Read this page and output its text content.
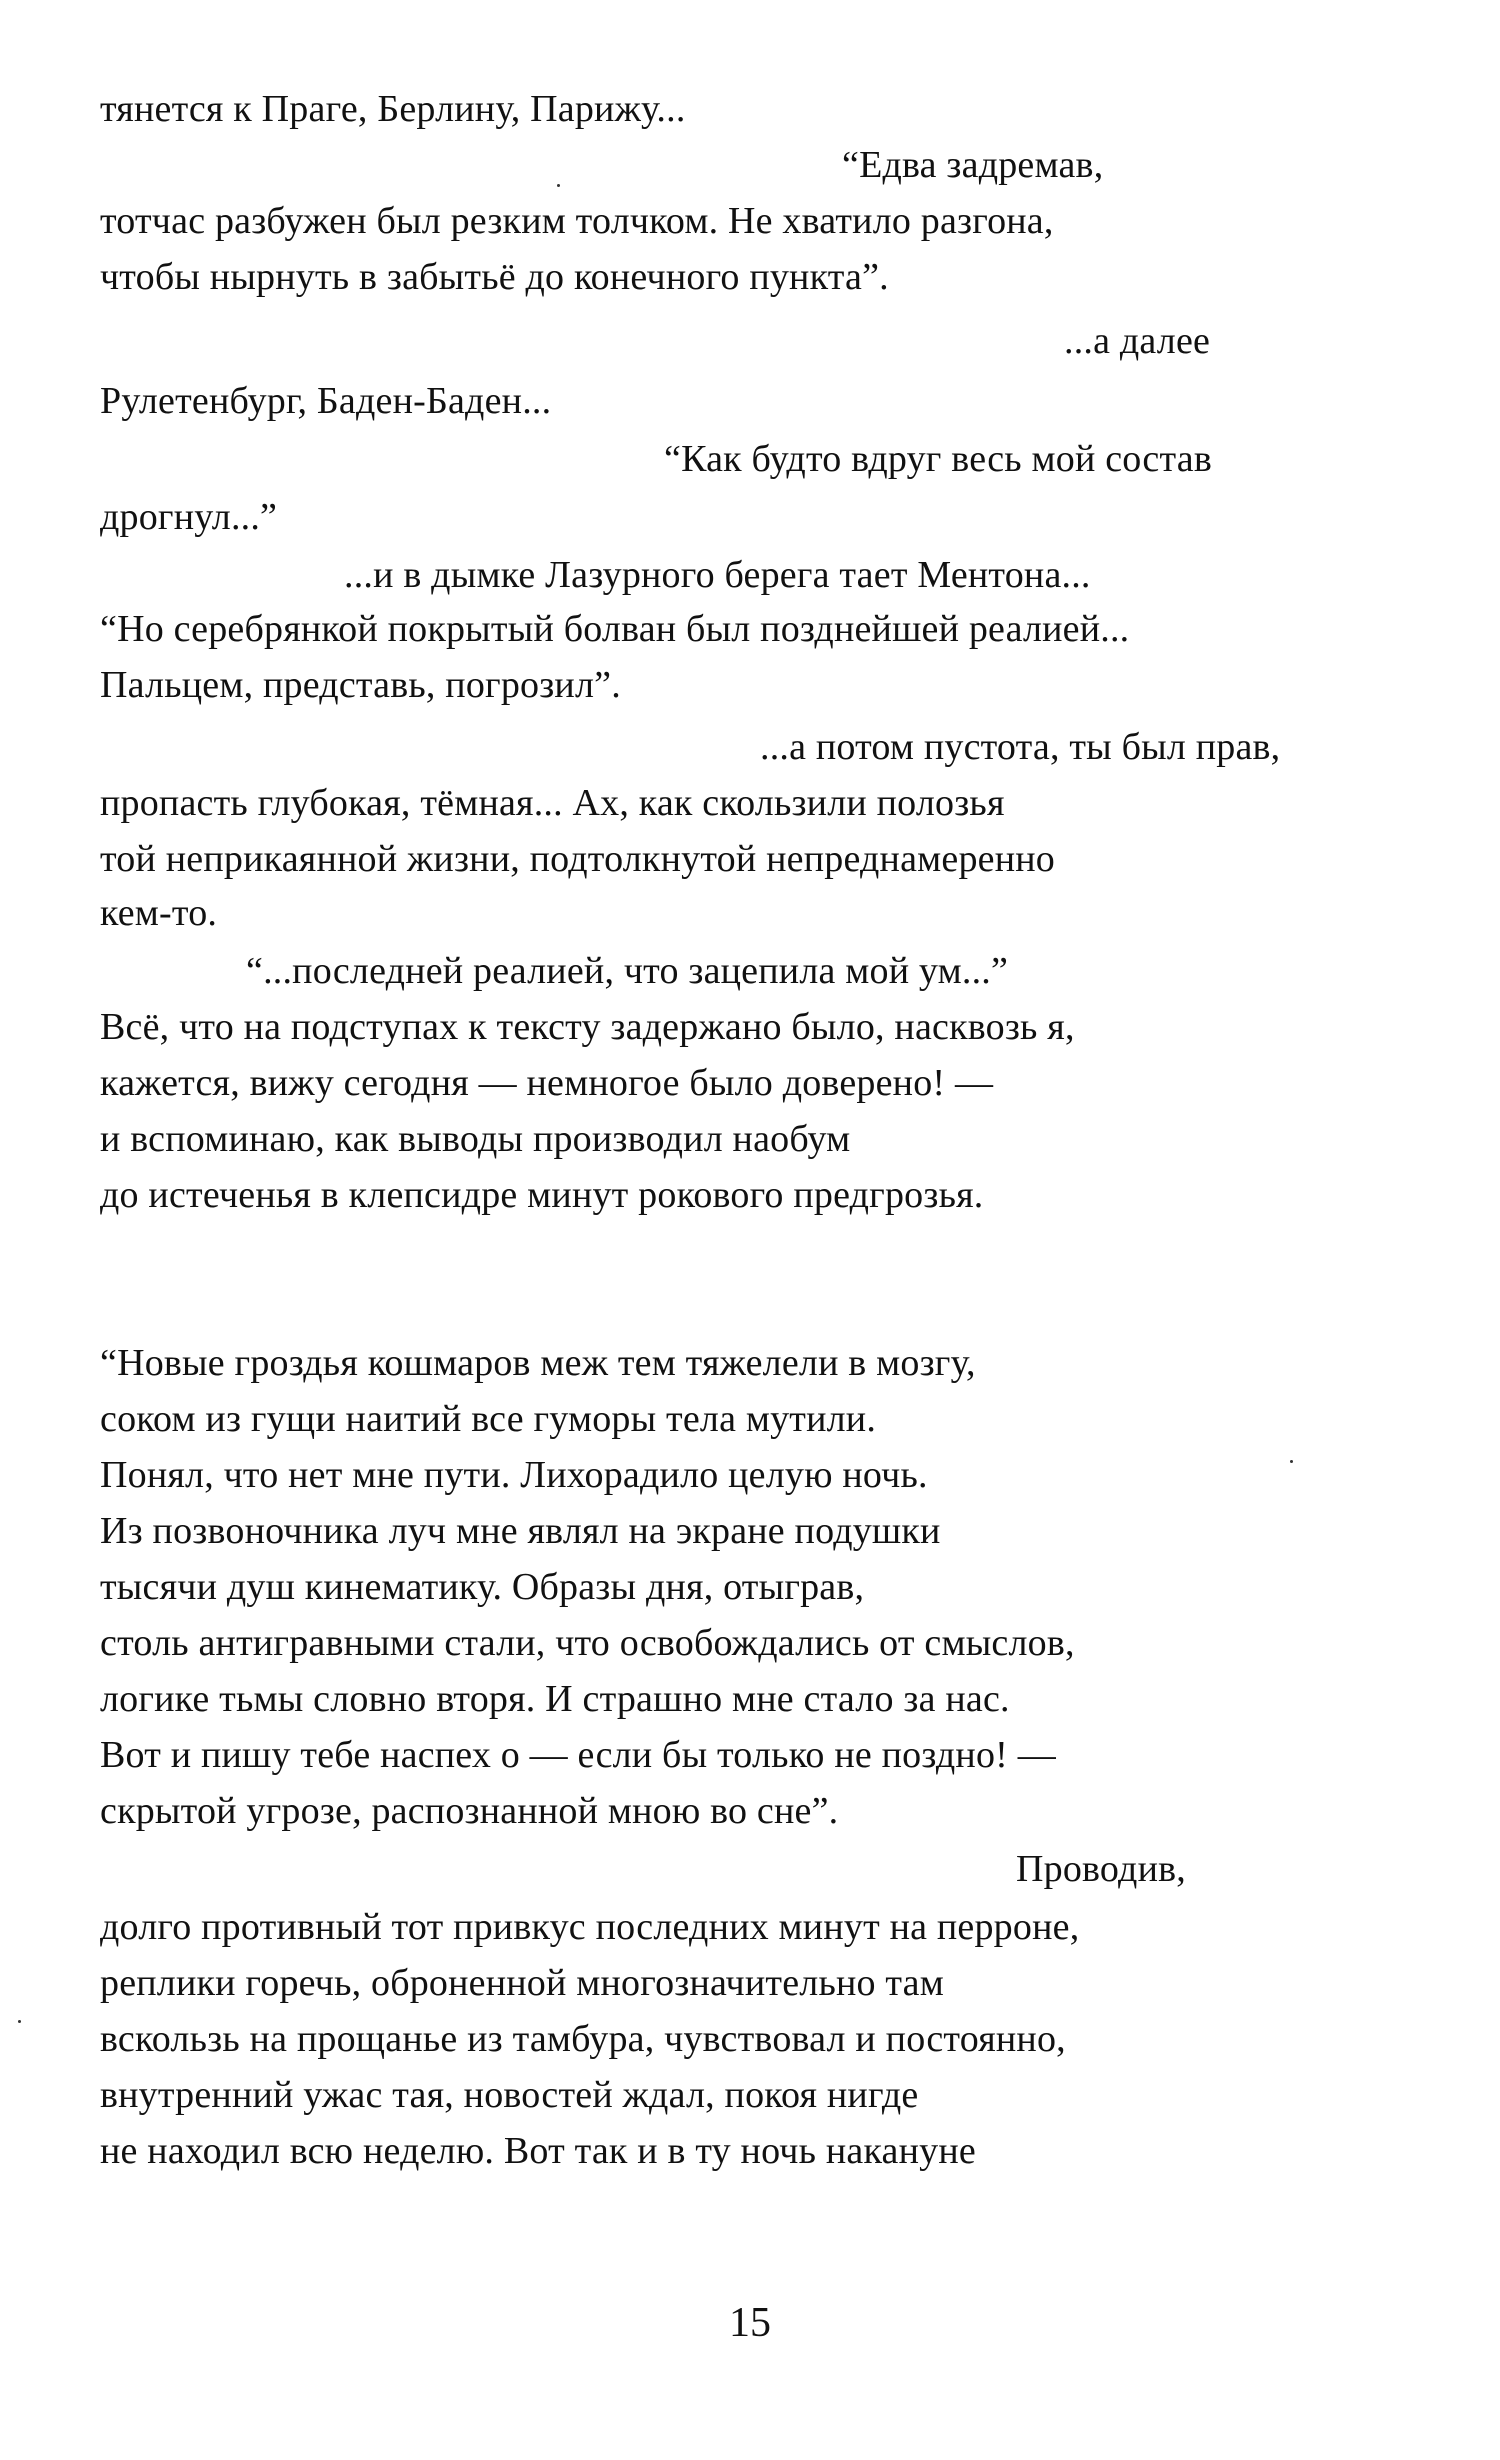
тянется к Праге, Берлину, Парижу...
“Едва задремав,
тотчас разбужен был резким толчком. Не хватило разгона,
чтобы нырнуть в забытьё до конечного пункта”.
...а далее
Рулетенбург, Баден-Баден...
“Как будто вдруг весь мой состав
дрогнул...”
...и в дымке Лазурного берега тает Ментона...
“Но серебрянкой покрытый болван был позднейшей реалией...
Пальцем, представь, погрозил”.
...а потом пустота, ты был прав,
пропасть глубокая, тёмная... Ах, как скользили полозья
той неприкаянной жизни, подтолкнутой непреднамеренно
кем-то.
“...последней реалией, что зацепила мой ум...”
Всё, что на подступах к тексту задержано было, насквозь я,
кажется, вижу сегодня — немногое было доверено! —
и вспоминаю, как выводы производил наобум
до истеченья в клепсидре минут рокового предгрозья.
“Новые гроздья кошмаров меж тем тяжелели в мозгу,
соком из гущи наитий все гуморы тела мутили.
Понял, что нет мне пути. Лихорадило целую ночь.
Из позвоночника луч мне являл на экране подушки
тысячи душ кинематику. Образы дня, отыграв,
столь антигравными стали, что освобождались от смыслов,
логике тьмы словно вторя. И страшно мне стало за нас.
Вот и пишу тебе наспех о — если бы только не поздно! —
скрытой угрозе, распознанной мною во сне”.
Проводив,
долго противный тот привкус последних минут на перроне,
реплики горечь, оброненной многозначительно там
вскользь на прощанье из тамбура, чувствовал и постоянно,
внутренний ужас тая, новостей ждал, покоя нигде
не находил всю неделю. Вот так и в ту ночь накануне
15
